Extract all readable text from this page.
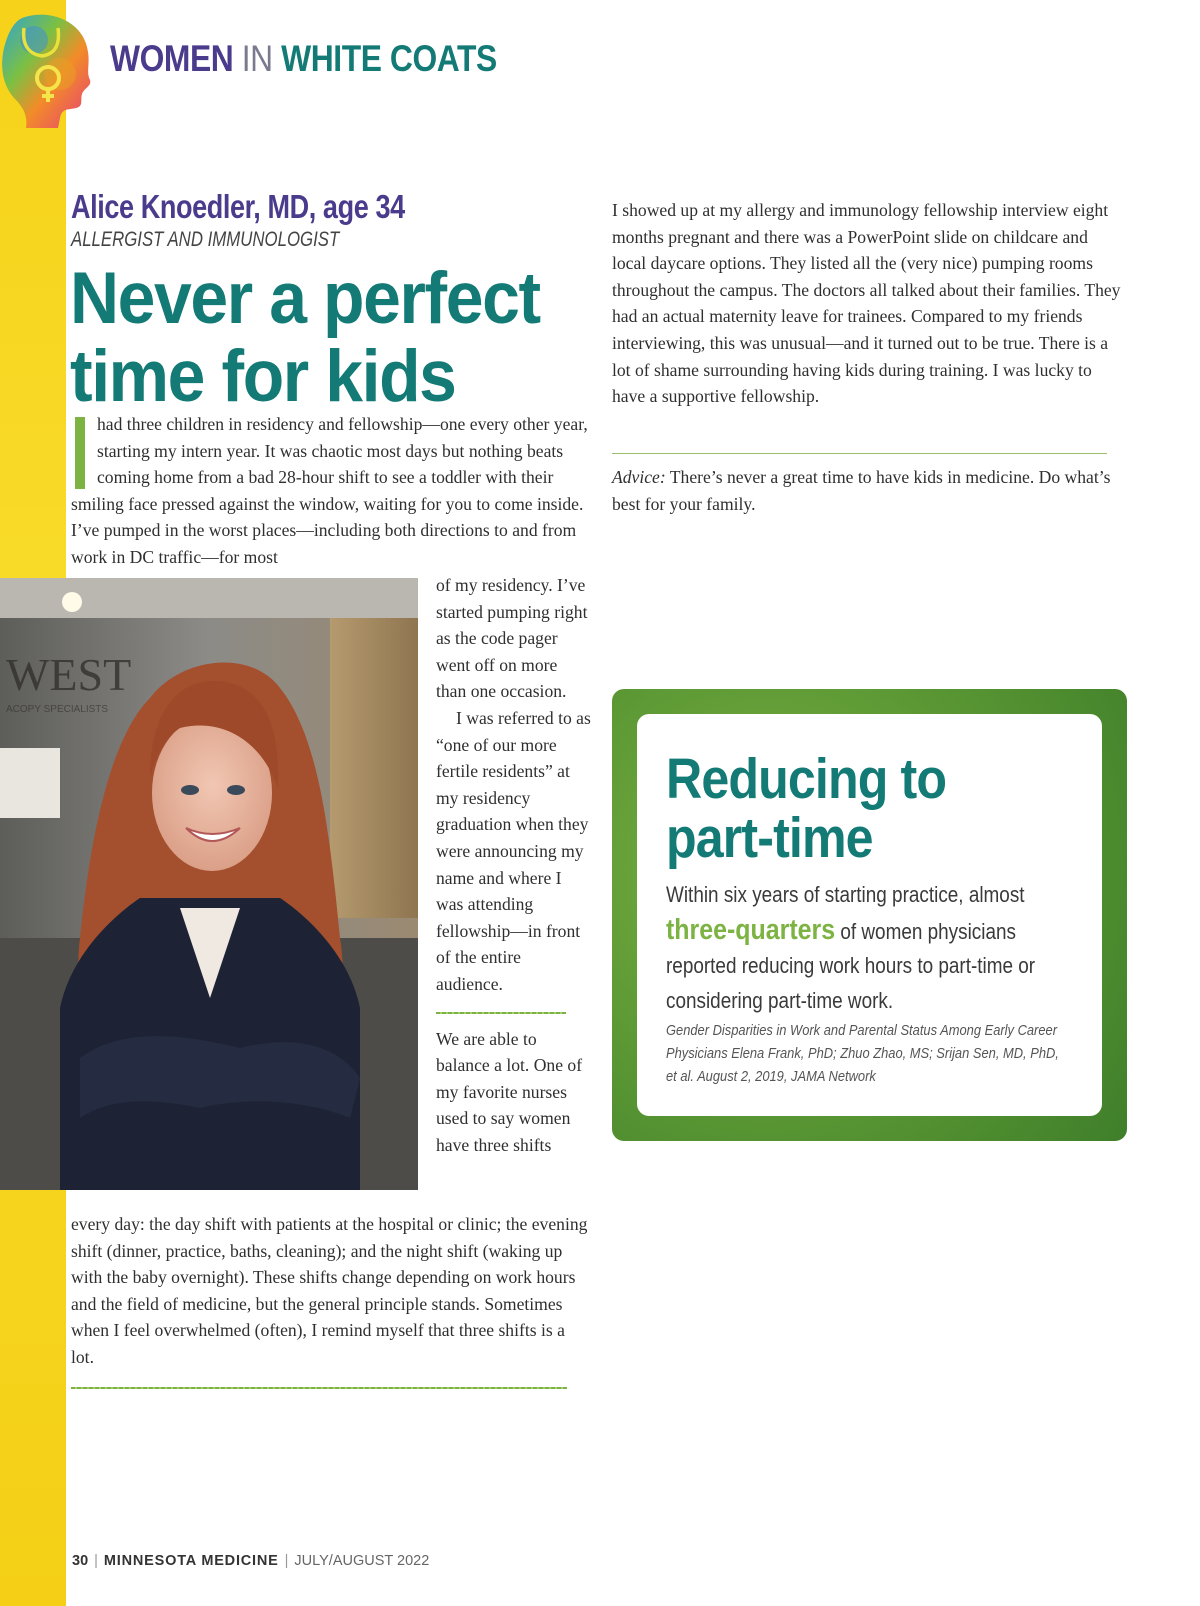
WOMEN IN WHITE COATS
Alice Knoedler, MD, age 34
ALLERGIST AND IMMUNOLOGIST
Never a perfect
time for kids

had three children in residency and fellowship—one every other year, starting my intern year. It was chaotic most days but nothing beats coming home from a bad 28-hour shift to see a toddler with their smiling face pressed against the window, waiting for you to come inside. I’ve pumped in the worst places—including both directions to and from work in DC traffic—for most

WEST
ACOPY SPECIALISTS

of my residency. I’ve started pumping right as the code pager went off on more than one occasion.

I was referred to as “one of our more fertile residents” at my residency graduation when they were announcing my name and where I was attending fellowship—in front of the entire audience.

We are able to balance a lot. One of my favorite nurses used to say women have three shifts

every day: the day shift with patients at the hospital or clinic; the evening shift (dinner, practice, baths, cleaning); and the night shift (waking up with the baby overnight). These shifts change depending on work hours and the field of medicine, but the general principle stands. Sometimes when I feel overwhelmed (often), I remind myself that three shifts is a lot.

I showed up at my allergy and immunology fellowship interview eight months pregnant and there was a PowerPoint slide on childcare and local daycare options. They listed all the (very nice) pumping rooms throughout the campus. The doctors all talked about their families. They had an actual maternity leave for trainees. Compared to my friends interviewing, this was unusual—and it turned out to be true. There is a lot of shame surrounding having kids during training. I was lucky to have a supportive fellowship.

Advice: There’s never a great time to have kids in medicine. Do what’s best for your family.

Reducing to
part-time

Within six years of starting practice, almost three-quarters of women physicians reported reducing work hours to part-time or considering part-time work.

Gender Disparities in Work and Parental Status Among Early Career Physicians Elena Frank, PhD; Zhuo Zhao, MS; Srijan Sen, MD, PhD, et al. August 2, 2019, JAMA Network

30 | MINNESOTA MEDICINE | JULY/AUGUST 2022
